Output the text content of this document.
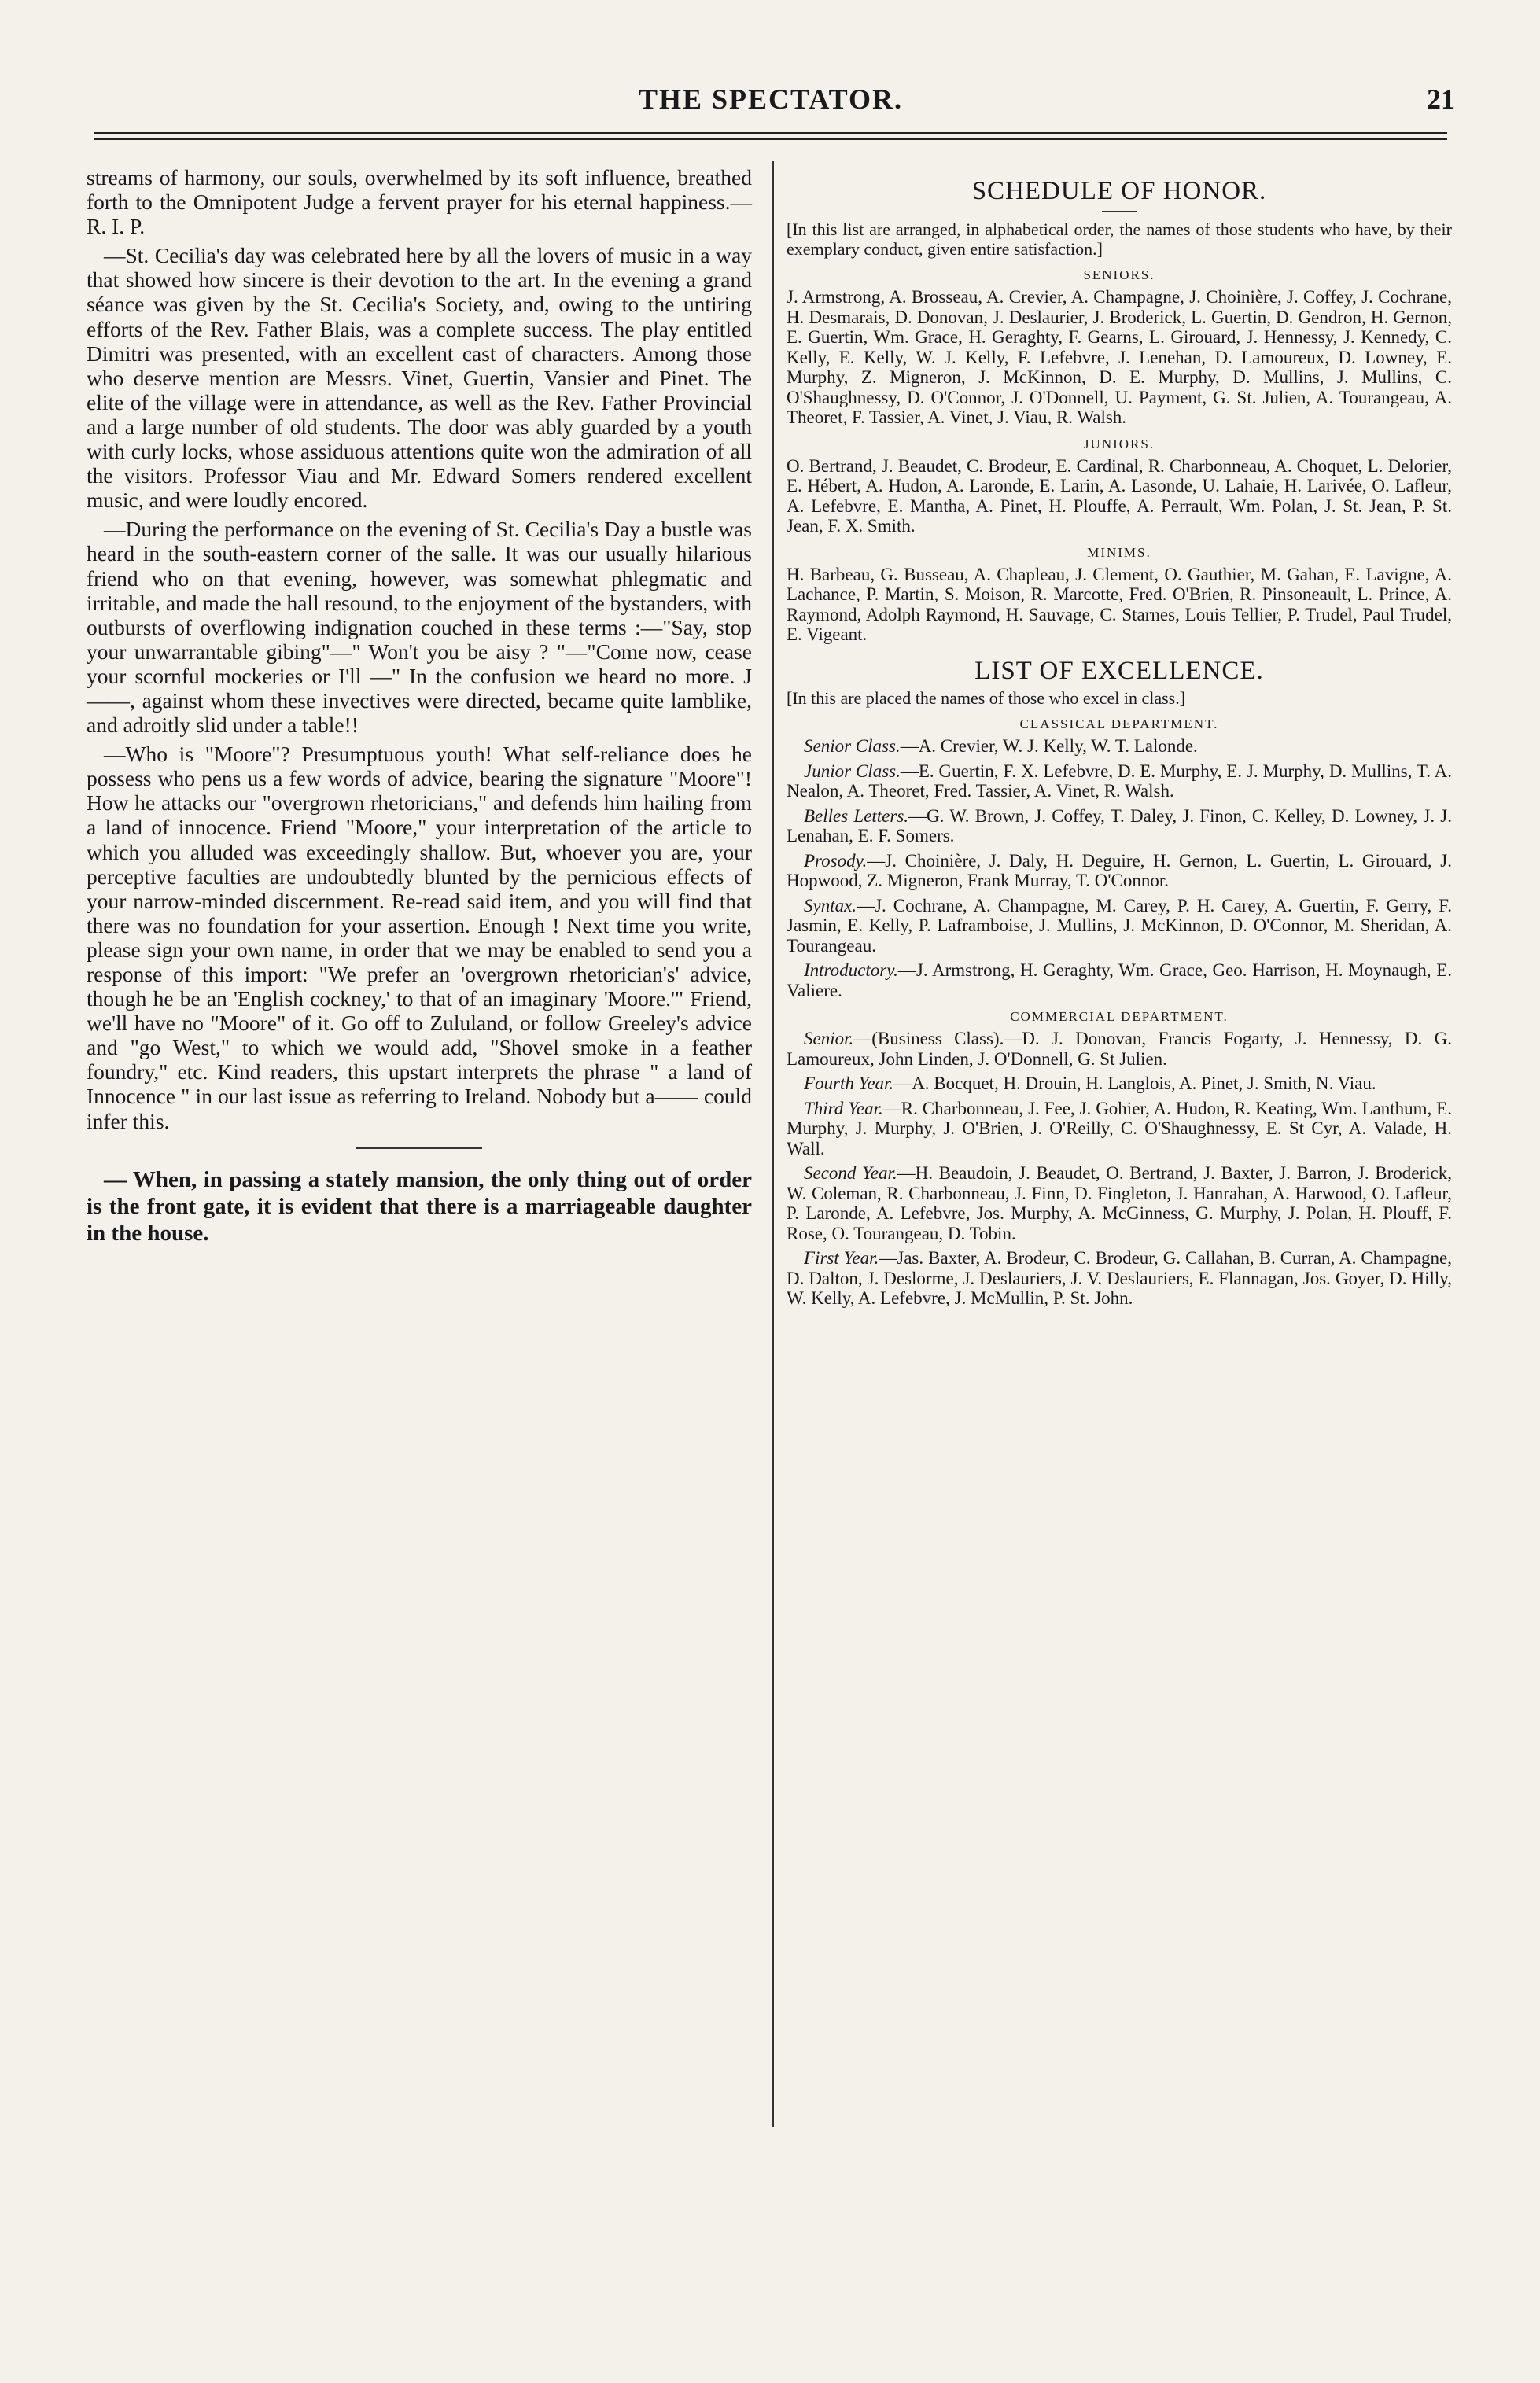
THE SPECTATOR.	21

streams of harmony, our souls, overwhelmed by its soft influence, breathed forth to the Omnipotent Judge a fervent prayer for his eternal happiness.—R. I. P.

—St. Cecilia's day was celebrated here by all the lovers of music in a way that showed how sincere is their devotion to the art. In the evening a grand séance was given by the St. Cecilia's Society, and, owing to the untiring efforts of the Rev. Father Blais, was a complete success. The play entitled Dimitri was presented, with an excellent cast of characters. Among those who deserve mention are Messrs. Vinet, Guertin, Vansier and Pinet. The elite of the village were in attendance, as well as the Rev. Father Provincial and a large number of old students. The door was ably guarded by a youth with curly locks, whose assiduous attentions quite won the admiration of all the visitors. Professor Viau and Mr. Edward Somers rendered excellent music, and were loudly encored.

—During the performance on the evening of St. Cecilia's Day a bustle was heard in the south-eastern corner of the salle. It was our usually hilarious friend who on that evening, however, was somewhat phlegmatic and irritable, and made the hall resound, to the enjoyment of the bystanders, with outbursts of overflowing indignation couched in these terms :—"Say, stop your unwarrantable gibing"—" Won't you be aisy ? "—"Come now, cease your scornful mockeries or I'll —" In the confusion we heard no more. J——, against whom these invectives were directed, became quite lamblike, and adroitly slid under a table!!

—Who is "Moore"? Presumptuous youth! What self-reliance does he possess who pens us a few words of advice, bearing the signature "Moore"! How he attacks our "overgrown rhetoricians," and defends him hailing from a land of innocence. Friend "Moore," your interpretation of the article to which you alluded was exceedingly shallow. But, whoever you are, your perceptive faculties are undoubtedly blunted by the pernicious effects of your narrow-minded discernment. Re-read said item, and you will find that there was no foundation for your assertion. Enough ! Next time you write, please sign your own name, in order that we may be enabled to send you a response of this import: "We prefer an 'overgrown rhetorician's' advice, though he be an 'English cockney,' to that of an imaginary 'Moore.'" Friend, we'll have no "Moore" of it. Go off to Zululand, or follow Greeley's advice and "go West," to which we would add, "Shovel smoke in a feather foundry," etc. Kind readers, this upstart interprets the phrase " a land of Innocence " in our last issue as referring to Ireland. Nobody but a—— could infer this.

— When, in passing a stately mansion, the only thing out of order is the front gate, it is evident that there is a marriageable daughter in the house.

SCHEDULE OF HONOR.

[In this list are arranged, in alphabetical order, the names of those students who have, by their exemplary conduct, given entire satisfaction.]

SENIORS.

J. Armstrong, A. Brosseau, A. Crevier, A. Champagne, J. Choinière, J. Coffey, J. Cochrane, H. Desmarais, D. Donovan, J. Deslaurier, J. Broderick, L. Guertin, D. Gendron, H. Gernon, E. Guertin, Wm. Grace, H. Geraghty, F. Gearns, L. Girouard, J. Hennessy, J. Kennedy, C. Kelly, E. Kelly, W. J. Kelly, F. Lefebvre, J. Lenehan, D. Lamoureux, D. Lowney, E. Murphy, Z. Migneron, J. McKinnon, D. E. Murphy, D. Mullins, J. Mullins, C. O'Shaughnessy, D. O'Connor, J. O'Donnell, U. Payment, G. St. Julien, A. Tourangeau, A. Theoret, F. Tassier, A. Vinet, J. Viau, R. Walsh.

JUNIORS.

O. Bertrand, J. Beaudet, C. Brodeur, E. Cardinal, R. Charbonneau, A. Choquet, L. Delorier, E. Hébert, A. Hudon, A. Laronde, E. Larin, A. Lasonde, U. Lahaie, H. Larivée, O. Lafleur, A. Lefebvre, E. Mantha, A. Pinet, H. Plouffe, A. Perrault, Wm. Polan, J. St. Jean, P. St. Jean, F. X. Smith.

MINIMS.

H. Barbeau, G. Busseau, A. Chapleau, J. Clement, O. Gauthier, M. Gahan, E. Lavigne, A. Lachance, P. Martin, S. Moison, R. Marcotte, Fred. O'Brien, R. Pinsoneault, L. Prince, A. Raymond, Adolph Raymond, H. Sauvage, C. Starnes, Louis Tellier, P. Trudel, Paul Trudel, E. Vigeant.

LIST OF EXCELLENCE.

[In this are placed the names of those who excel in class.]

CLASSICAL DEPARTMENT.

Senior Class.—A. Crevier, W. J. Kelly, W. T. Lalonde.

Junior Class.—E. Guertin, F. X. Lefebvre, D. E. Murphy, E. J. Murphy, D. Mullins, T. A. Nealon, A. Theoret, Fred. Tassier, A. Vinet, R. Walsh.

Belles Letters.—G. W. Brown, J. Coffey, T. Daley, J. Finon, C. Kelley, D. Lowney, J. J. Lenahan, E. F. Somers.

Prosody.—J. Choinière, J. Daly, H. Deguire, H. Gernon, L. Guertin, L. Girouard, J. Hopwood, Z. Migneron, Frank Murray, T. O'Connor.

Syntax.—J. Cochrane, A. Champagne, M. Carey, P. H. Carey, A. Guertin, F. Gerry, F. Jasmin, E. Kelly, P. Laframboise, J. Mullins, J. McKinnon, D. O'Connor, M. Sheridan, A. Tourangeau.

Introductory.—J. Armstrong, H. Geraghty, Wm. Grace, Geo. Harrison, H. Moynaugh, E. Valiere.

COMMERCIAL DEPARTMENT.

Senior.—(Business Class).—D. J. Donovan, Francis Fogarty, J. Hennessy, D. G. Lamoureux, John Linden, J. O'Donnell, G. St Julien.

Fourth Year.—A. Bocquet, H. Drouin, H. Langlois, A. Pinet, J. Smith, N. Viau.

Third Year.—R. Charbonneau, J. Fee, J. Gohier, A. Hudon, R. Keating, Wm. Lanthum, E. Murphy, J. Murphy, J. O'Brien, J. O'Reilly, C. O'Shaughnessy, E. St Cyr, A. Valade, H. Wall.

Second Year.—H. Beaudoin, J. Beaudet, O. Bertrand, J. Baxter, J. Barron, J. Broderick, W. Coleman, R. Charbonneau, J. Finn, D. Fingleton, J. Hanrahan, A. Harwood, O. Lafleur, P. Laronde, A. Lefebvre, Jos. Murphy, A. McGinness, G. Murphy, J. Polan, H. Plouff, F. Rose, O. Tourangeau, D. Tobin.

First Year.—Jas. Baxter, A. Brodeur, C. Brodeur, G. Callahan, B. Curran, A. Champagne, D. Dalton, J. Deslorme, J. Deslauriers, J. V. Deslauriers, E. Flannagan, Jos. Goyer, D. Hilly, W. Kelly, A. Lefebvre, J. McMullin, P. St. John.
